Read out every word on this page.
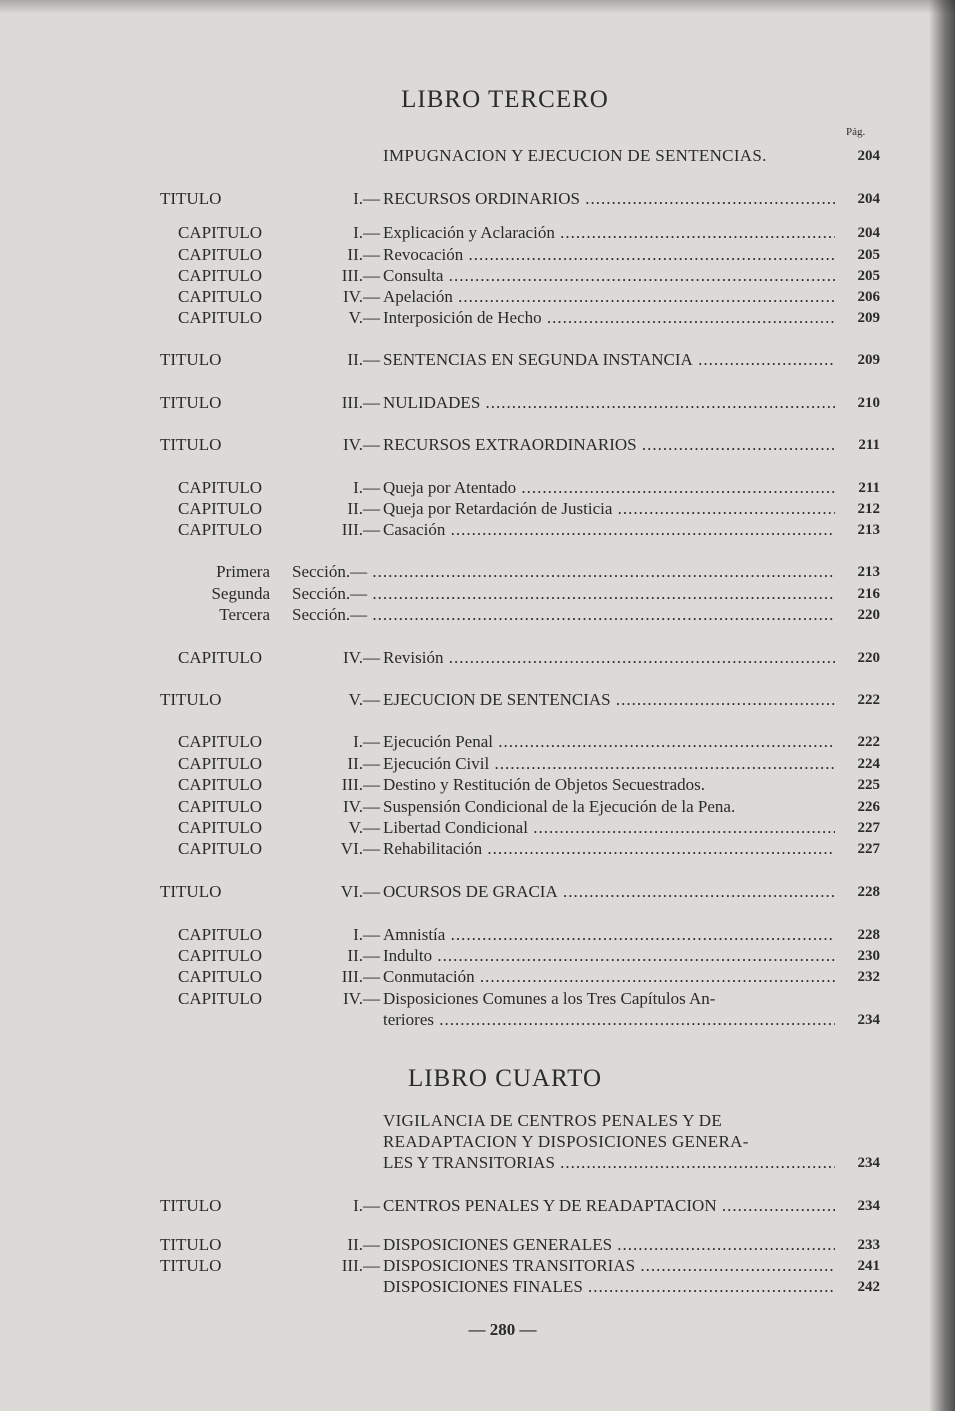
LIBRO TERCERO
Pág.
IMPUGNACION Y EJECUCION DE SENTENCIAS.	204
TITULO	I.— RECURSOS ORDINARIOS .....	204
CAPITULO	I.— Explicación y Aclaración .....	204
CAPITULO	II.— Revocación .....	205
CAPITULO	III.— Consulta .....	205
CAPITULO	IV.— Apelación .....	206
CAPITULO	V.— Interposición de Hecho .....	209
TITULO	II.— SENTENCIAS EN SEGUNDA INSTANCIA .....	209
TITULO	III.— NULIDADES .....	210
TITULO	IV.— RECURSOS EXTRAORDINARIOS .....	211
CAPITULO	I.— Queja por Atentado .....	211
CAPITULO	II.— Queja por Retardación de Justicia .....	212
CAPITULO	III.— Casación .....	213
Primera Sección.— .....	213
Segunda Sección.— .....	216
Tercera Sección.— .....	220
CAPITULO	IV.— Revisión .....	220
TITULO	V.— EJECUCION DE SENTENCIAS .....	222
CAPITULO	I.— Ejecución Penal .....	222
CAPITULO	II.— Ejecución Civil .....	224
CAPITULO	III.— Destino y Restitución de Objetos Secuestrados.	225
CAPITULO	IV.— Suspensión Condicional de la Ejecución de la Pena.	226
CAPITULO	V.— Libertad Condicional .....	227
CAPITULO	VI.— Rehabilitación .....	227
TITULO	VI.— OCURSOS DE GRACIA .....	228
CAPITULO	I.— Amnistía .....	228
CAPITULO	II.— Indulto .....	230
CAPITULO	III.— Conmutación .....	232
CAPITULO	IV.— Disposiciones Comunes a los Tres Capítulos An-
teriores .....	234
LIBRO CUARTO
VIGILANCIA DE CENTROS PENALES Y DE
READAPTACION Y DISPOSICIONES GENERA-
LES Y TRANSITORIAS .....	234
TITULO	I.— CENTROS PENALES Y DE READAPTACION .....	234
TITULO	II.— DISPOSICIONES GENERALES .....	233
TITULO	III.— DISPOSICIONES TRANSITORIAS .....	241
DISPOSICIONES FINALES .....	242
— 280 —
